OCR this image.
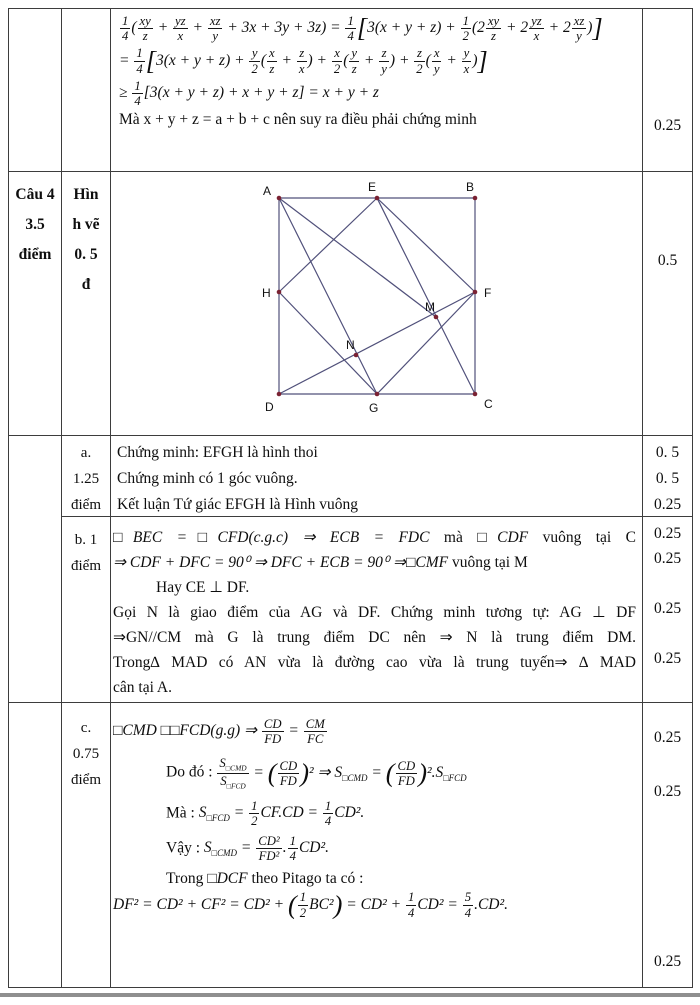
$\frac{1}{4}$ ( $\frac{xy}{z} + \frac{yz}{x} + \frac{xz}{y} + 3x + 3y + 3z) = \frac{1}{4} [3(x + y + z) + \frac{1}{2} (2 \frac{xy}{z} + 2 \frac{yz}{x} + 2 \frac{xz}{y}$ )]
= $\frac{1}{4} [3(x + y + z) + \frac{y}{2}$ ( $\frac{x}{z} + \frac{z}{x}$ ) + $\frac{x}{2}$ ( $\frac{y}{z} + \frac{z}{y}$ ) + $\frac{z}{2}$ ( $\frac{x}{y} + \frac{y}{x}$ )]
≥ $\frac{1}{4} [3(x + y + z) + x + y + z] = x + y + z$
Mà x + y + z = a + b + c nên suy ra điều phải chứng minh	0.25
Câu 4
3.5
điểm
Hìn
h vẽ
0. 5
đ
A	B
C
D
E
F
G
H
M
N
0.5
a.
1.25
điểm
Chứng minh: EFGH là hình thoi
Chứng minh có 1 góc vuông.
Kết luận Tứ giác EFGH là Hình vuông
0. 5
0. 5
0.25
b. 1
điểm
□BEC =□CFD(c.g.c) ⇒ ECB = FDC mà □CDF vuông tại C
⇒ CDF + DFC = 90⁰ ⇒ DFC + ECB = 90⁰ ⇒□CMF vuông tại M
Hay CE ⊥ DF.
Gọi N là giao điểm của AG và DF. Chứng minh tương tự: AG ⊥ DF
⇒GN//CM mà G là trung điểm DC nên ⇒ N là trung điểm DM.
Trong∆ MAD có AN vừa là đường cao vừa là trung tuyến⇒ ∆ MAD
cân tại A.
0.25
0.25
0.25
0.25
c.
0.75
điểm
□CMD □□FCD(g.g) ⇒ $\frac{CD}{FD} = \frac{CM}{FC}$
Do đó : $\frac{S_{□CMD}}{S_{□FCD}}$ = ( $\frac{CD}{FD} )^2$ ⇒ $S_{□CMD}$ = ( $\frac{CD}{FD} )^2.S_{□FCD}$
Mà : $S_{□FCD} = \frac{1}{2} CF.CD = \frac{1}{4} CD^2$.
Vậy : $S_{□CMD} = \frac{\text{CD²}}{\text{FD²}}$ . $\frac{1}{4} CD^2$.
Trong □DCF theo Pitago ta có :
DF² = CD² + CF² = CD² + ( $\frac{1}{2} BC^2) = CD^2 + \frac{1}{4} CD^2 = \frac{5}{4} .CD^2$.
0.25
0.25
0.25
